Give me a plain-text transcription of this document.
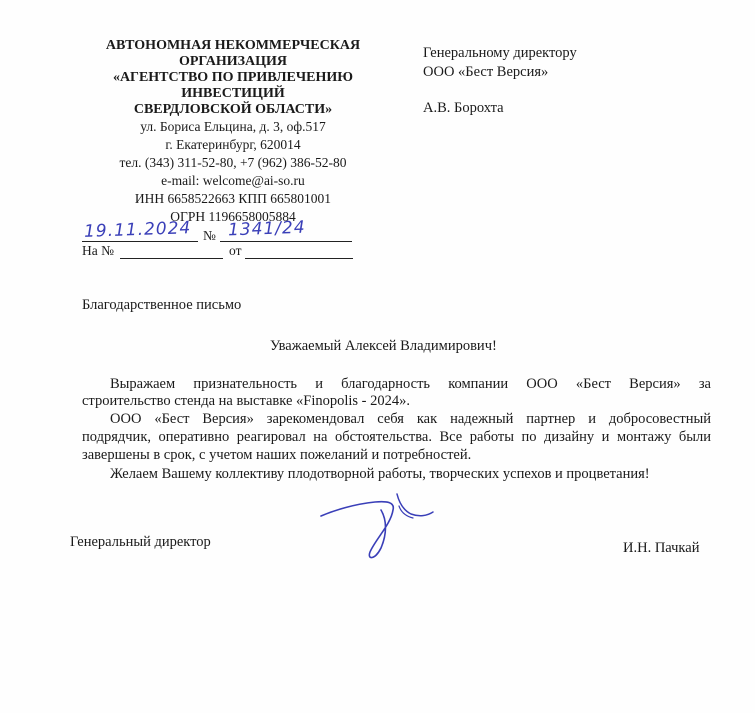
АВТОНОМНАЯ НЕКОММЕРЧЕСКАЯ

ОРГАНИЗАЦИЯ

«АГЕНТСТВО ПО ПРИВЛЕЧЕНИЮ

ИНВЕСТИЦИЙ

СВЕРДЛОВСКОЙ ОБЛАСТИ»

ул. Бориса Ельцина, д. 3, оф.517

г. Екатеринбург, 620014

тел. (343) 311-52-80, +7 (962) 386-52-80

e-mail: welcome@ai-so.ru

ИНН 6658522663 КПП 665801001

ОГРН 1196658005884

19.11.2024 № 1341/24
На №	от
Генеральному директору
ООО «Бест Версия»
А.В. Борохта
Благодарственное письмо
Уважаемый Алексей Владимирович!
Выражаем признательность и благодарность компании ООО «Бест Версия» за
строительство стенда на выставке «Finopolis - 2024».
ООО «Бест Версия» зарекомендовал себя как надежный партнер и добросовестный
подрядчик, оперативно реагировал на обстоятельства. Все работы по дизайну и монтажу были
завершены в срок, с учетом наших пожеланий и потребностей.
Желаем Вашему коллективу плодотворной работы, творческих успехов и процветания!
Генеральный директор	И.Н. Пачкай
